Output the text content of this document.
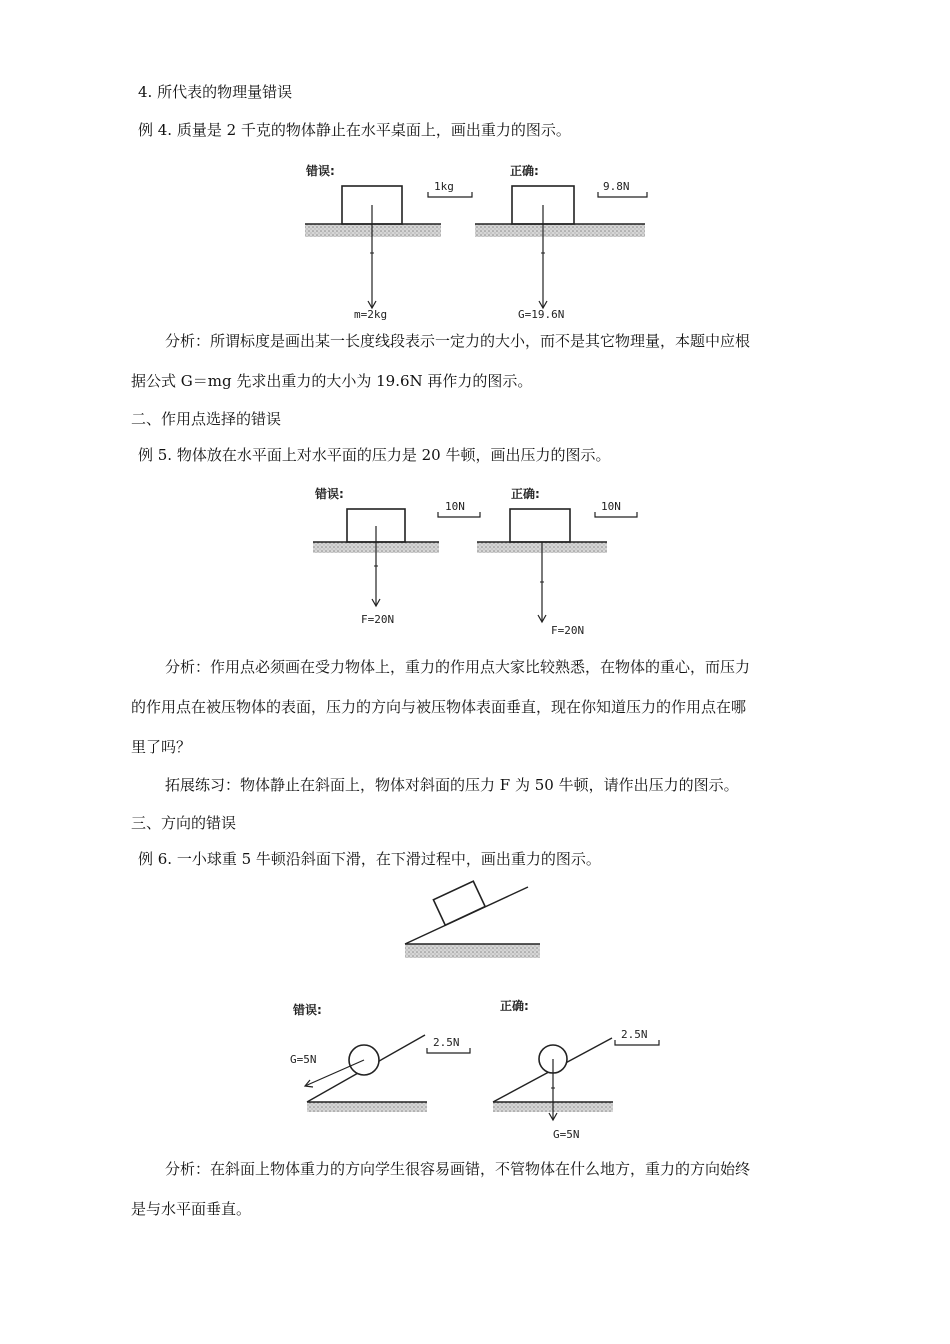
4. 所代表的物理量错误
例 4. 质量是 2 千克的物体静止在水平桌面上，画出重力的图示。
错误:
1kg
m=2kg
正确:
9.8N
G=19.6N
分析：所谓标度是画出某一长度线段表示一定力的大小，而不是其它物理量，本题中应根
据公式 G＝mg 先求出重力的大小为 19.6N 再作力的图示。
二、作用点选择的错误
例 5. 物体放在水平面上对水平面的压力是 20 牛顿，画出压力的图示。
错误:
10N
F=20N
正确:
10N
F=20N
分析：作用点必须画在受力物体上，重力的作用点大家比较熟悉，在物体的重心，而压力
的作用点在被压物体的表面，压力的方向与被压物体表面垂直，现在你知道压力的作用点在哪
里了吗？
拓展练习：物体静止在斜面上，物体对斜面的压力 F 为 50 牛顿，请作出压力的图示。
三、方向的错误
例 6. 一小球重 5 牛顿沿斜面下滑，在下滑过程中，画出重力的图示。
错误:
G=5N
2.5N
正确:
2.5N
G=5N
分析：在斜面上物体重力的方向学生很容易画错，不管物体在什么地方，重力的方向始终
是与水平面垂直。
